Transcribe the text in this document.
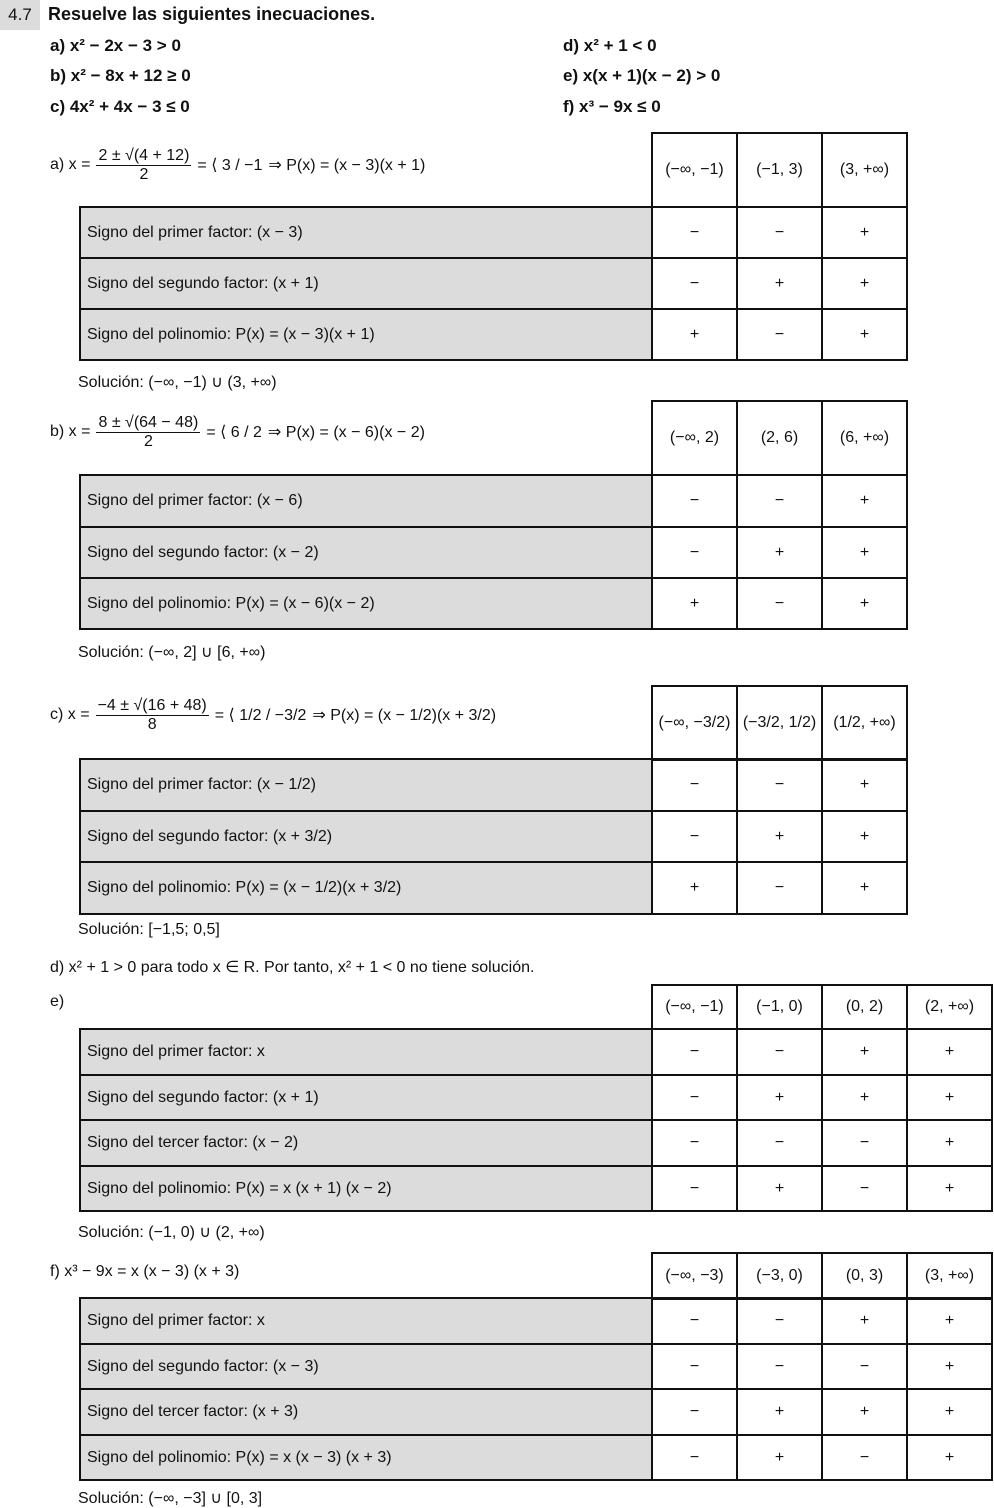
4.7 Resuelve las siguientes inecuaciones.
a) x² − 2x − 3 > 0
b) x² − 8x + 12 ≥ 0
c) 4x² + 4x − 3 ≤ 0
d) x² + 1 < 0
e) x(x + 1)(x − 2) > 0
f) x³ − 9x ≤ 0
a) $x = \frac{2 \pm √(4 + 12)}{2}$ = ⟨ 3 / −1 ⇒ P(x) = (x − 3)(x + 1)	(−∞, −1)	(−1, 3)	(3, +∞)
Signo del primer factor: (x − 3)	−	−	+
Signo del segundo factor: (x + 1)	−	+	+
Signo del polinomio: P(x) = (x − 3)(x + 1)	+	−	+
Solución: (−∞, −1) ∪ (3, +∞)
b) $x = \frac{8 \pm √(64 - 48)}{2}$ = ⟨ 6 / 2 ⇒ P(x) = (x − 6)(x − 2)	(−∞, 2)	(2, 6)	(6, +∞)
Signo del primer factor: (x − 6)	−	−	+
Signo del segundo factor: (x − 2)	−	+	+
Signo del polinomio: P(x) = (x − 6)(x − 2)	+	−	+
Solución: (−∞, 2] ∪ [6, +∞)
c) $x = \frac{-4 \pm √(16 + 48)}{8}$ = ⟨ 1/2 / −3/2 ⇒ P(x) = (x − 1/2)(x + 3/2)	(−∞, −3/2)	(−3/2, 1/2)	(1/2, +∞)
Signo del primer factor: (x − 1/2)	−	−	+
Signo del segundo factor: (x + 3/2)	−	+	+
Signo del polinomio: P(x) = (x − 1/2)(x + 3/2)	+	−	+
Solución: [−1,5; 0,5]
d) x² + 1 > 0 para todo x ∈ R. Por tanto, x² + 1 < 0 no tiene solución.
e)	(−∞, −1)	(−1, 0)	(0, 2)	(2, +∞)
Signo del primer factor: x	−	−	+	+
Signo del segundo factor: (x + 1)	−	+	+	+
Signo del tercer factor: (x − 2)	−	−	−	+
Signo del polinomio: P(x) = x (x + 1) (x − 2)	−	+	−	+
Solución: (−1, 0) ∪ (2, +∞)
f) x³ − 9x = x (x − 3) (x + 3)	(−∞, −3)	(−3, 0)	(0, 3)	(3, +∞)
Signo del primer factor: x	−	−	+	+
Signo del segundo factor: (x − 3)	−	−	−	+
Signo del tercer factor: (x + 3)	−	+	+	+
Signo del polinomio: P(x) = x (x − 3) (x + 3)	−	+	−	+
Solución: (−∞, −3] ∪ [0, 3]
